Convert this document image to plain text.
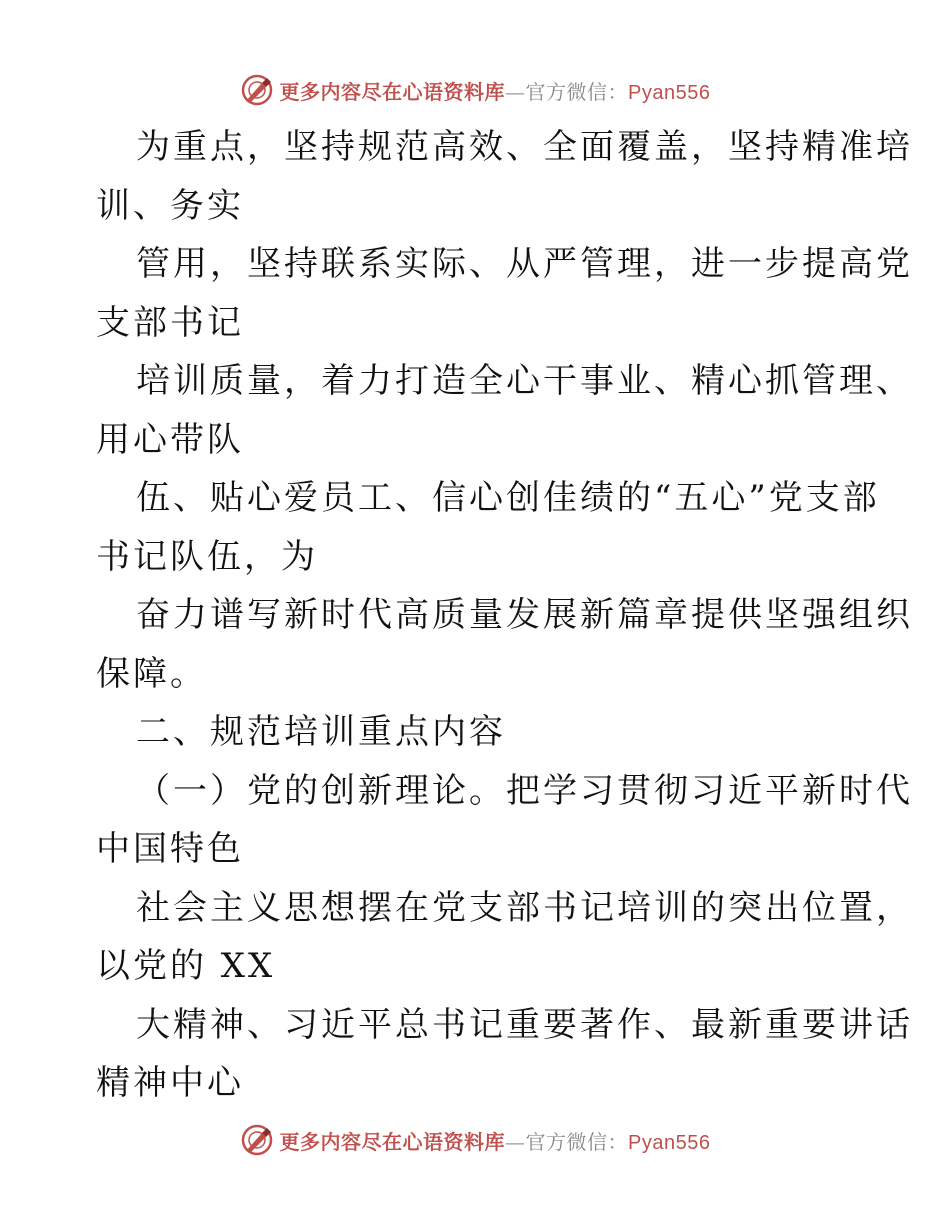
更多内容尽在心语资料库—官方微信：Pyan556
为重点，坚持规范高效、全面覆盖，坚持精准培
训、务实
管用，坚持联系实际、从严管理，进一步提高党
支部书记
培训质量，着力打造全心干事业、精心抓管理、
用心带队
伍、贴心爱员工、信心创佳绩的“五心”党支部
书记队伍，为
奋力谱写新时代高质量发展新篇章提供坚强组织
保障。
二、规范培训重点内容
（一）党的创新理论。把学习贯彻习近平新时代
中国特色
社会主义思想摆在党支部书记培训的突出位置，
以党的 XX
大精神、习近平总书记重要著作、最新重要讲话
精神中心
更多内容尽在心语资料库—官方微信：Pyan556
